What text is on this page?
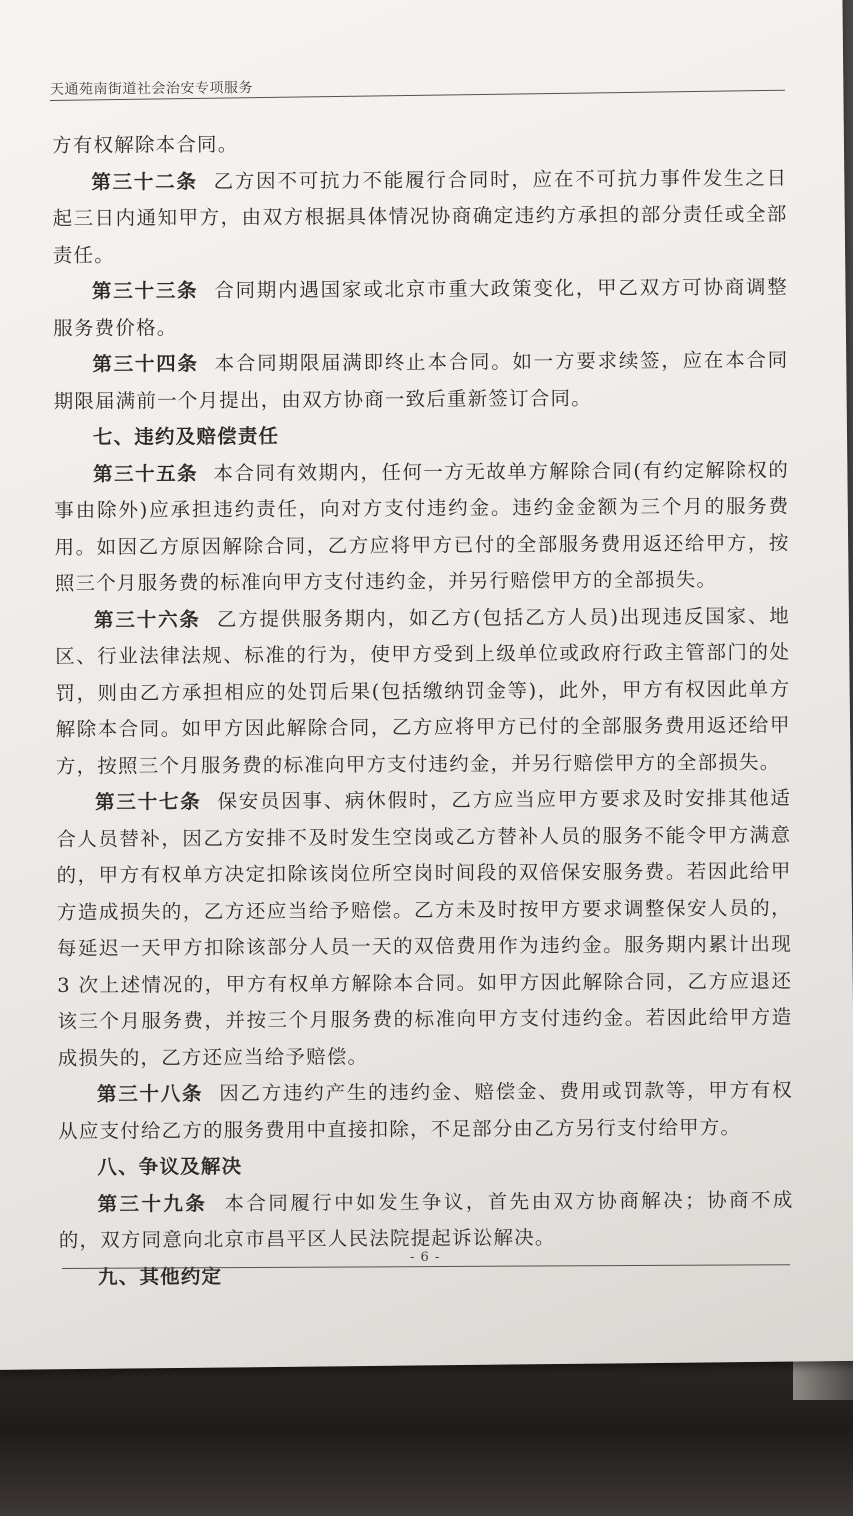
天通苑南街道社会治安专项服务

方有权解除本合同。

第三十二条 乙方因不可抗力不能履行合同时，应在不可抗力事件发生之日起三日内通知甲方，由双方根据具体情况协商确定违约方承担的部分责任或全部责任。

第三十三条 合同期内遇国家或北京市重大政策变化，甲乙双方可协商调整服务费价格。

第三十四条 本合同期限届满即终止本合同。如一方要求续签，应在本合同期限届满前一个月提出，由双方协商一致后重新签订合同。

七、违约及赔偿责任

第三十五条 本合同有效期内，任何一方无故单方解除合同(有约定解除权的事由除外)应承担违约责任，向对方支付违约金。违约金金额为三个月的服务费用。如因乙方原因解除合同，乙方应将甲方已付的全部服务费用返还给甲方，按照三个月服务费的标准向甲方支付违约金，并另行赔偿甲方的全部损失。

第三十六条 乙方提供服务期内，如乙方(包括乙方人员)出现违反国家、地区、行业法律法规、标准的行为，使甲方受到上级单位或政府行政主管部门的处罚，则由乙方承担相应的处罚后果(包括缴纳罚金等)，此外，甲方有权因此单方解除本合同。如甲方因此解除合同，乙方应将甲方已付的全部服务费用返还给甲方，按照三个月服务费的标准向甲方支付违约金，并另行赔偿甲方的全部损失。

第三十七条 保安员因事、病休假时，乙方应当应甲方要求及时安排其他适合人员替补，因乙方安排不及时发生空岗或乙方替补人员的服务不能令甲方满意的，甲方有权单方决定扣除该岗位所空岗时间段的双倍保安服务费。若因此给甲方造成损失的，乙方还应当给予赔偿。乙方未及时按甲方要求调整保安人员的，每延迟一天甲方扣除该部分人员一天的双倍费用作为违约金。服务期内累计出现 3 次上述情况的，甲方有权单方解除本合同。如甲方因此解除合同，乙方应退还该三个月服务费，并按三个月服务费的标准向甲方支付违约金。若因此给甲方造成损失的，乙方还应当给予赔偿。

第三十八条 因乙方违约产生的违约金、赔偿金、费用或罚款等，甲方有权从应支付给乙方的服务费用中直接扣除，不足部分由乙方另行支付给甲方。

八、争议及解决

第三十九条 本合同履行中如发生争议，首先由双方协商解决；协商不成的，双方同意向北京市昌平区人民法院提起诉讼解决。

九、其他约定

- 6 -
